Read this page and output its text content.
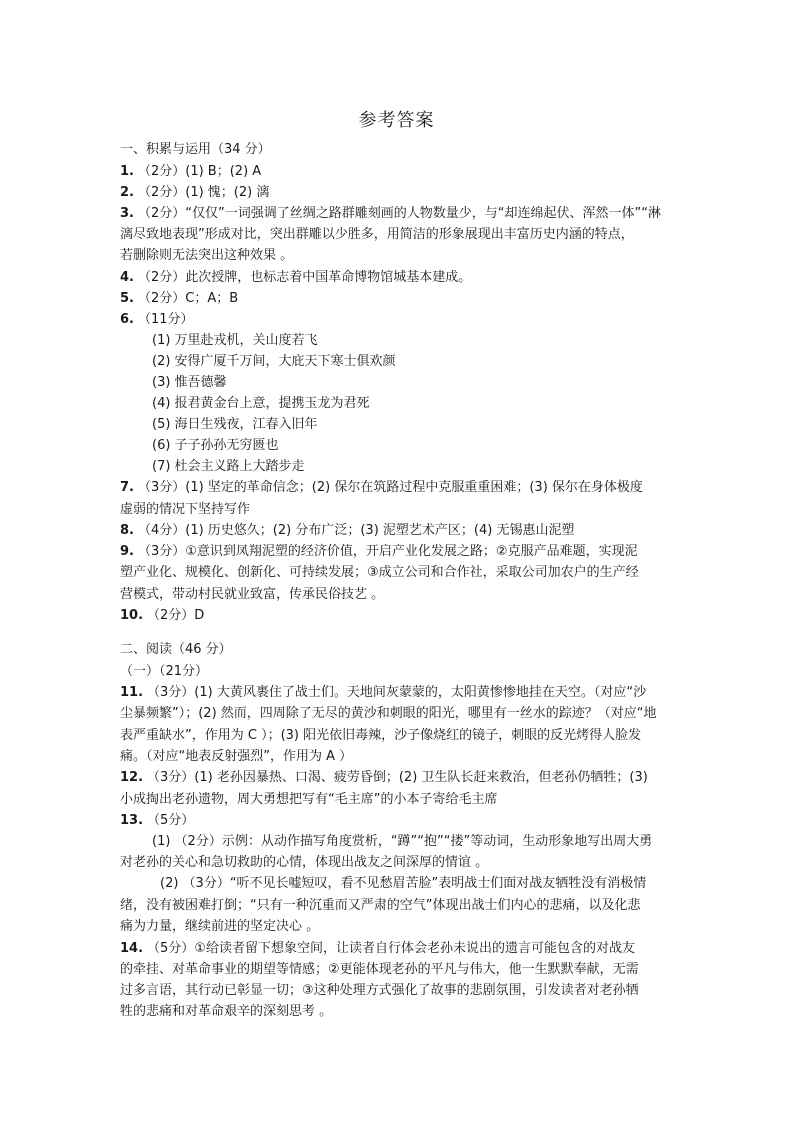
参考答案
一、积累与运用（34 分）
1. （2分）(1) B；(2) A
2. （2分）(1) 愧；(2) 漓
3. （2分）“仅仅”一词强调了丝绸之路群雕刻画的人物数量少，与“却连绵起伏、浑然一体”“淋
漓尽致地表现”形成对比，突出群雕以少胜多，用简洁的形象展现出丰富历史内涵的特点，
若删除则无法突出这种效果 。
4. （2分）此次授牌，也标志着中国革命博物馆城基本建成。
5. （2分）C；A；B
6. （11分）
(1) 万里赴戎机，关山度若飞
(2) 安得广厦千万间，大庇天下寒士俱欢颜
(3) 惟吾德馨
(4) 报君黄金台上意，提携玉龙为君死
(5) 海日生残夜，江春入旧年
(6) 子子孙孙无穷匮也
(7) 杜会主义路上大踏步走
7. （3分）(1) 坚定的革命信念；(2) 保尔在筑路过程中克服重重困难；(3) 保尔在身体极度
虚弱的情况下坚持写作
8. （4分）(1) 历史悠久；(2) 分布广泛；(3) 泥塑艺术产区；(4) 无锡惠山泥塑
9. （3分）①意识到凤翔泥塑的经济价值，开启产业化发展之路；②克服产品难题，实现泥
塑产业化、规模化、创新化、可持续发展；③成立公司和合作社，采取公司加农户的生产经
营模式，带动村民就业致富，传承民俗技艺 。
10. （2分）D
二、阅读（46 分）
（一）（21分）
11. （3分）(1) 大黄风裹住了战士们。天地间灰蒙蒙的，太阳黄惨惨地挂在天空。（对应“沙
尘暴频繁”）；(2) 然而，四周除了无尽的黄沙和刺眼的阳光，哪里有一丝水的踪迹？（对应“地
表严重缺水”，作用为 C ）；(3) 阳光依旧毒辣，沙子像烧红的镜子，刺眼的反光烤得人脸发
痛。（对应“地表反射强烈”，作用为 A ）
12. （3分）(1) 老孙因暴热、口渴、疲劳昏倒；(2) 卫生队长赶来救治，但老孙仍牺牲；(3)
小成掏出老孙遗物，周大勇想把写有“毛主席”的小本子寄给毛主席
13. （5分）
(1) （2分）示例：从动作描写角度赏析，“蹲”“抱”“搂”等动词，生动形象地写出周大勇
对老孙的关心和急切救助的心情，体现出战友之间深厚的情谊 。
(2) （3分）“听不见长嘘短叹，看不见愁眉苦脸”表明战士们面对战友牺牲没有消极情
绪，没有被困难打倒；“只有一种沉重而又严肃的空气”体现出战士们内心的悲痛，以及化悲
痛为力量，继续前进的坚定决心 。
14. （5分）①给读者留下想象空间，让读者自行体会老孙未说出的遗言可能包含的对战友
的牵挂、对革命事业的期望等情感；②更能体现老孙的平凡与伟大，他一生默默奉献，无需
过多言语，其行动已彰显一切；③这种处理方式强化了故事的悲剧氛围，引发读者对老孙牺
牲的悲痛和对革命艰辛的深刻思考 。
